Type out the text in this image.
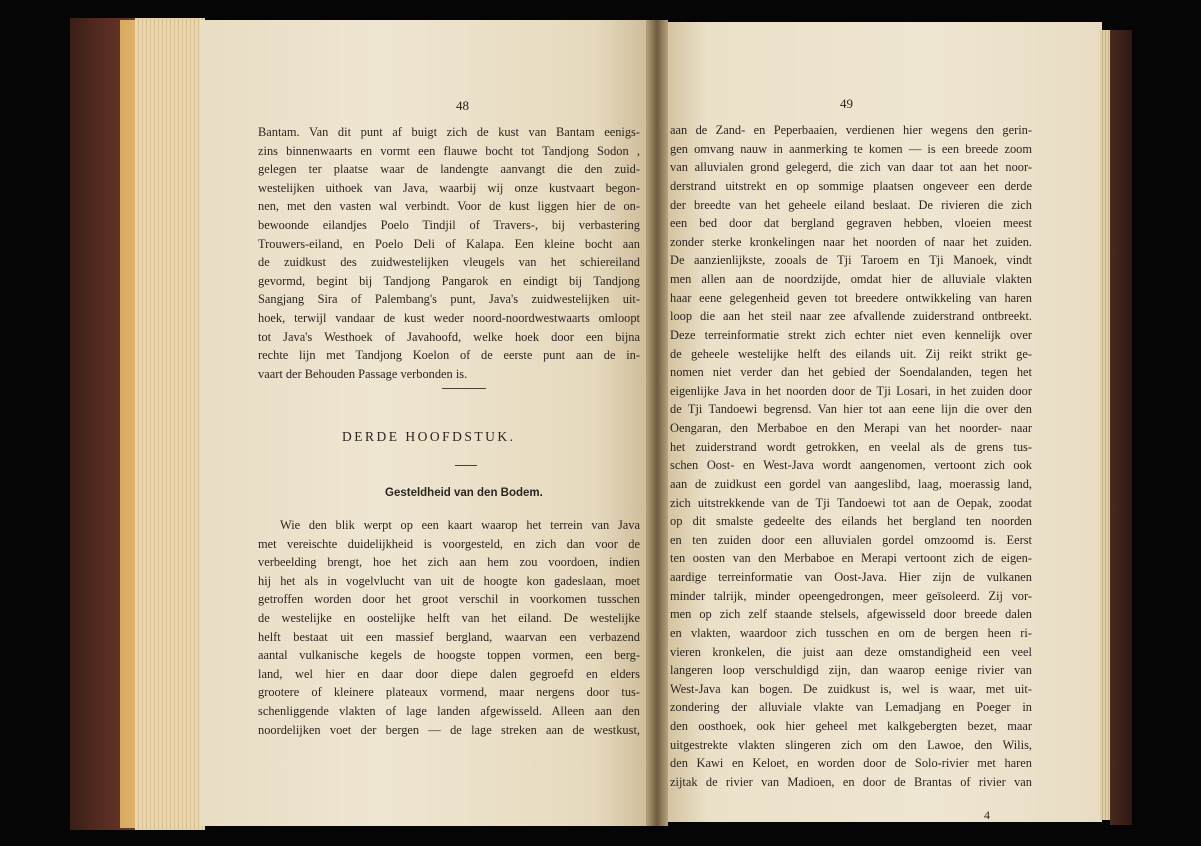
48
Bantam. Van dit punt af buigt zich de kust van Bantam eenigs-
zins binnenwaarts en vormt een flauwe bocht tot Tandjong Sodon ,
gelegen ter plaatse waar de landengte aanvangt die den zuid-
westelijken uithoek van Java, waarbij wij onze kustvaart begon-
nen, met den vasten wal verbindt. Voor de kust liggen hier de on-
bewoonde eilandjes Poelo Tindjil of Travers-, bij verbastering
Trouwers-eiland, en Poelo Deli of Kalapa. Een kleine bocht aan
de zuidkust des zuidwestelijken vleugels van het schiereiland
gevormd, begint bij Tandjong Pangarok en eindigt bij Tandjong
Sangjang Sira of Palembang's punt, Java's zuidwestelijken uit-
hoek, terwijl vandaar de kust weder noord-noordwestwaarts omloopt
tot Java's Westhoek of Javahoofd, welke hoek door een bijna
rechte lijn met Tandjong Koelon of de eerste punt aan de in-
vaart der Behouden Passage verbonden is.
DERDE HOOFDSTUK.
Gesteldheid van den Bodem.
Wie den blik werpt op een kaart waarop het terrein van Java
met vereischte duidelijkheid is voorgesteld, en zich dan voor de
verbeelding brengt, hoe het zich aan hem zou voordoen, indien
hij het als in vogelvlucht van uit de hoogte kon gadeslaan, moet
getroffen worden door het groot verschil in voorkomen tusschen
de westelijke en oostelijke helft van het eiland. De westelijke
helft bestaat uit een massief bergland, waarvan een verbazend
aantal vulkanische kegels de hoogste toppen vormen, een berg-
land, wel hier en daar door diepe dalen gegroefd en elders
grootere of kleinere plateaux vormend, maar nergens door tus-
schenliggende vlakten of lage landen afgewisseld. Alleen aan den
noordelijken voet der bergen — de lage streken aan de westkust,
49
aan de Zand- en Peperbaaien, verdienen hier wegens den gerin-
gen omvang nauw in aanmerking te komen — is een breede zoom
van alluvialen grond gelegerd, die zich van daar tot aan het noor-
derstrand uitstrekt en op sommige plaatsen ongeveer een derde
der breedte van het geheele eiland beslaat. De rivieren die zich
een bed door dat bergland gegraven hebben, vloeien meest
zonder sterke kronkelingen naar het noorden of naar het zuiden.
De aanzienlijkste, zooals de Tji Taroem en Tji Manoek, vindt
men allen aan de noordzijde, omdat hier de alluviale vlakten
haar eene gelegenheid geven tot breedere ontwikkeling van haren
loop die aan het steil naar zee afvallende zuiderstrand ontbreekt.
Deze terreinformatie strekt zich echter niet even kennelijk over
de geheele westelijke helft des eilands uit. Zij reikt strikt ge-
nomen niet verder dan het gebied der Soendalanden, tegen het
eigenlijke Java in het noorden door de Tji Losari, in het zuiden door
de Tji Tandoewi begrensd. Van hier tot aan eene lijn die over den
Oengaran, den Merbaboe en den Merapi van het noorder- naar
het zuiderstrand wordt getrokken, en veelal als de grens tus-
schen Oost- en West-Java wordt aangenomen, vertoont zich ook
aan de zuidkust een gordel van aangeslibd, laag, moerassig land,
zich uitstrekkende van de Tji Tandoewi tot aan de Oepak, zoodat
op dit smalste gedeelte des eilands het bergland ten noorden
en ten zuiden door een alluvialen gordel omzoomd is. Eerst
ten oosten van den Merbaboe en Merapi vertoont zich de eigen-
aardige terreinformatie van Oost-Java. Hier zijn de vulkanen
minder talrijk, minder opeengedrongen, meer geïsoleerd. Zij vor-
men op zich zelf staande stelsels, afgewisseld door breede dalen
en vlakten, waardoor zich tusschen en om de bergen heen ri-
vieren kronkelen, die juist aan deze omstandigheid een veel
langeren loop verschuldigd zijn, dan waarop eenige rivier van
West-Java kan bogen. De zuidkust is, wel is waar, met uit-
zondering der alluviale vlakte van Lemadjang en Poeger in
den oosthoek, ook hier geheel met kalkgebergten bezet, maar
uitgestrekte vlakten slingeren zich om den Lawoe, den Wilis,
den Kawi en Keloet, en worden door de Solo-rivier met haren
zijtak de rivier van Madioen, en door de Brantas of rivier van
4
